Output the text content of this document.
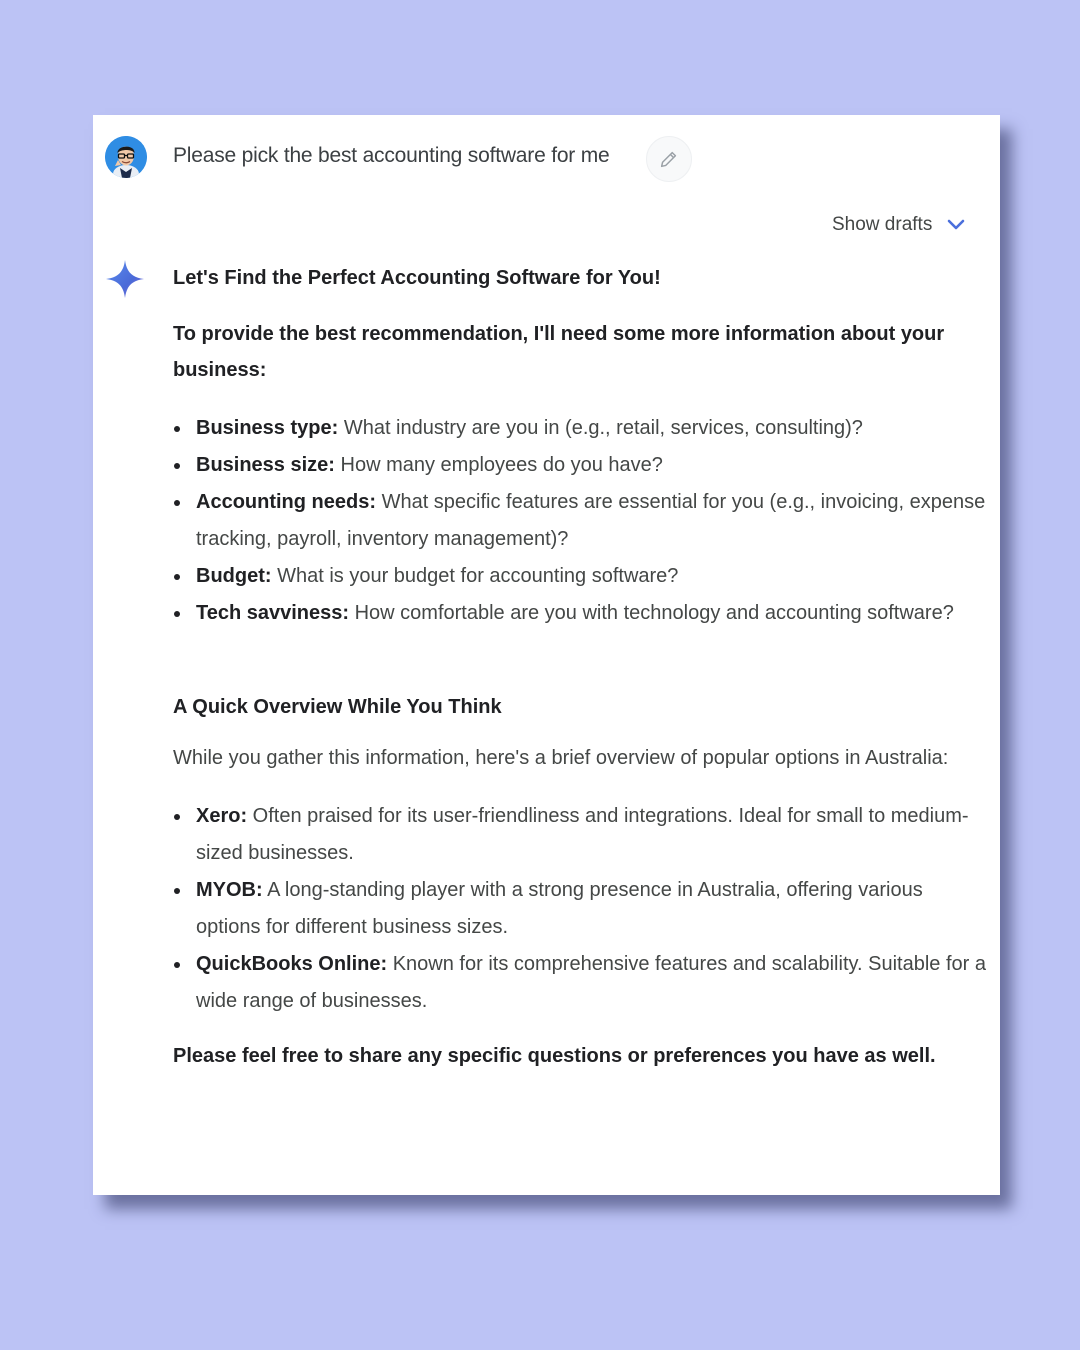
Please pick the best accounting software for me
Show drafts
Let's Find the Perfect Accounting Software for You!
To provide the best recommendation, I'll need some more information about your business:
Business type: What industry are you in (e.g., retail, services, consulting)?
Business size: How many employees do you have?
Accounting needs: What specific features are essential for you (e.g., invoicing, expense tracking, payroll, inventory management)?
Budget: What is your budget for accounting software?
Tech savviness: How comfortable are you with technology and accounting software?
A Quick Overview While You Think
While you gather this information, here's a brief overview of popular options in Australia:
Xero: Often praised for its user-friendliness and integrations. Ideal for small to medium-sized businesses.
MYOB: A long-standing player with a strong presence in Australia, offering various options for different business sizes.
QuickBooks Online: Known for its comprehensive features and scalability. Suitable for a wide range of businesses.
Please feel free to share any specific questions or preferences you have as well.
